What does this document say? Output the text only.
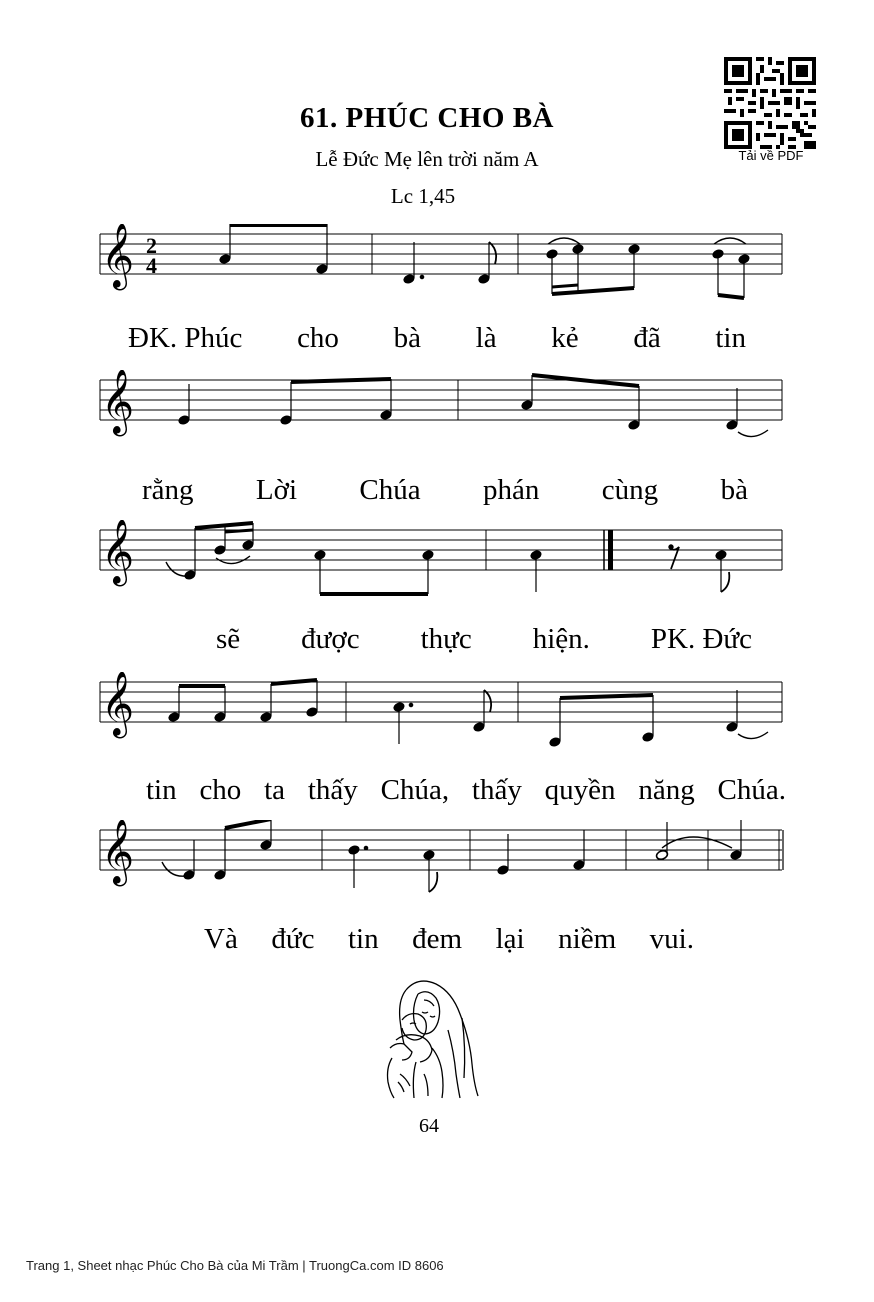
61. PHÚC CHO BÀ
Lễ Đức Mẹ lên trời năm A
Lc 1,45
Tải về PDF
𝄞 2
4
ĐK. Phúc cho bà là kẻ đã tin
𝄞
rằng Lời Chúa phán cùng bà
𝄞
sẽ được thực hiện. PK. Đức
𝄞
tin cho ta thấy Chúa, thấy quyền năng Chúa.
𝄞
Và đức tin đem lại niềm vui.
64
Trang 1, Sheet nhạc Phúc Cho Bà của Mi Trầm | TruongCa.com ID 8606
